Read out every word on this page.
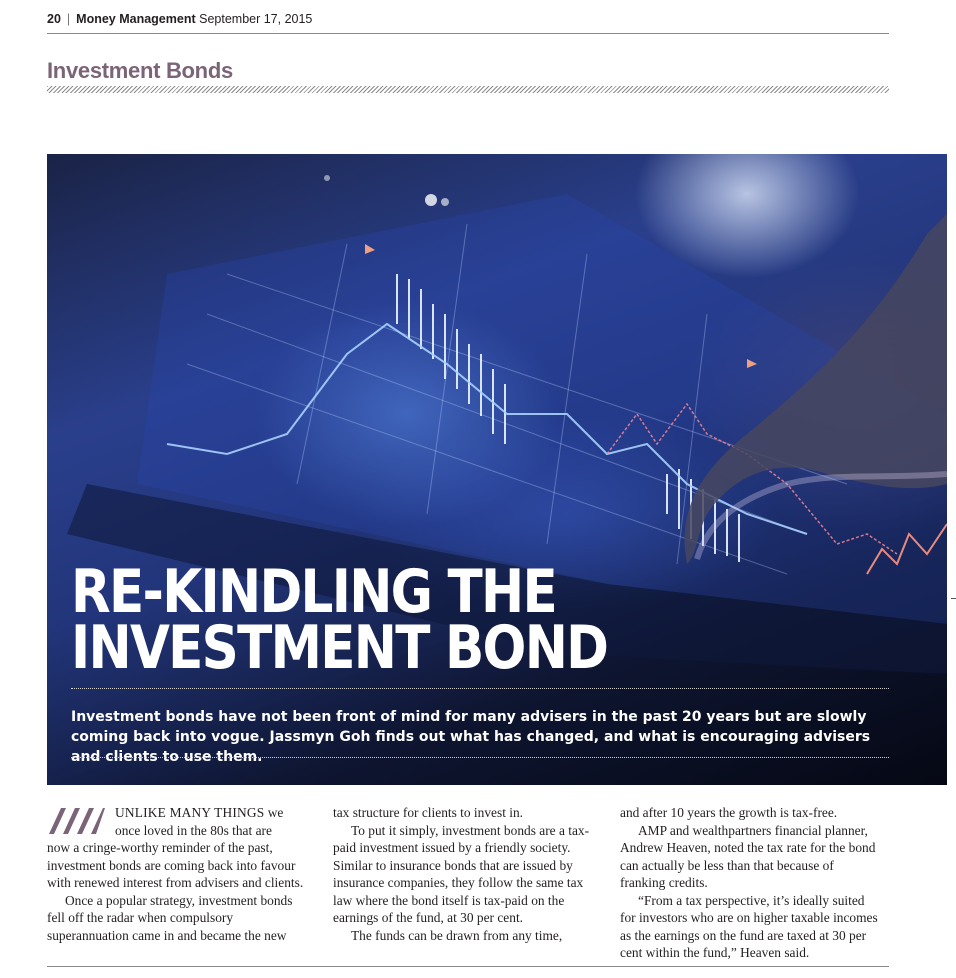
20 | Money Management September 17, 2015
Investment Bonds
RE-KINDLING THE
INVESTMENT BOND
Investment bonds have not been front of mind for many advisers in the past 20 years but are slowly coming back into vogue. Jassmyn Goh finds out what has changed, and what is encouraging advisers and clients to use them.

UNLIKE MANY THINGS we

once loved in the 80s that are

now a cringe-worthy reminder of the past, investment bonds are coming back into favour with renewed interest from advisers and clients.

Once a popular strategy, investment bonds fell off the radar when compulsory superannuation came in and became the new

tax structure for clients to invest in.

To put it simply, investment bonds are a tax-paid investment issued by a friendly society. Similar to insurance bonds that are issued by insurance companies, they follow the same tax law where the bond itself is tax-paid on the earnings of the fund, at 30 per cent.

The funds can be drawn from any time,

and after 10 years the growth is tax-free.

AMP and wealthpartners financial planner, Andrew Heaven, noted the tax rate for the bond can actually be less than that because of franking credits.

“From a tax perspective, it’s ideally suited for investors who are on higher taxable incomes as the earnings on the fund are taxed at 30 per cent within the fund,” Heaven said.
